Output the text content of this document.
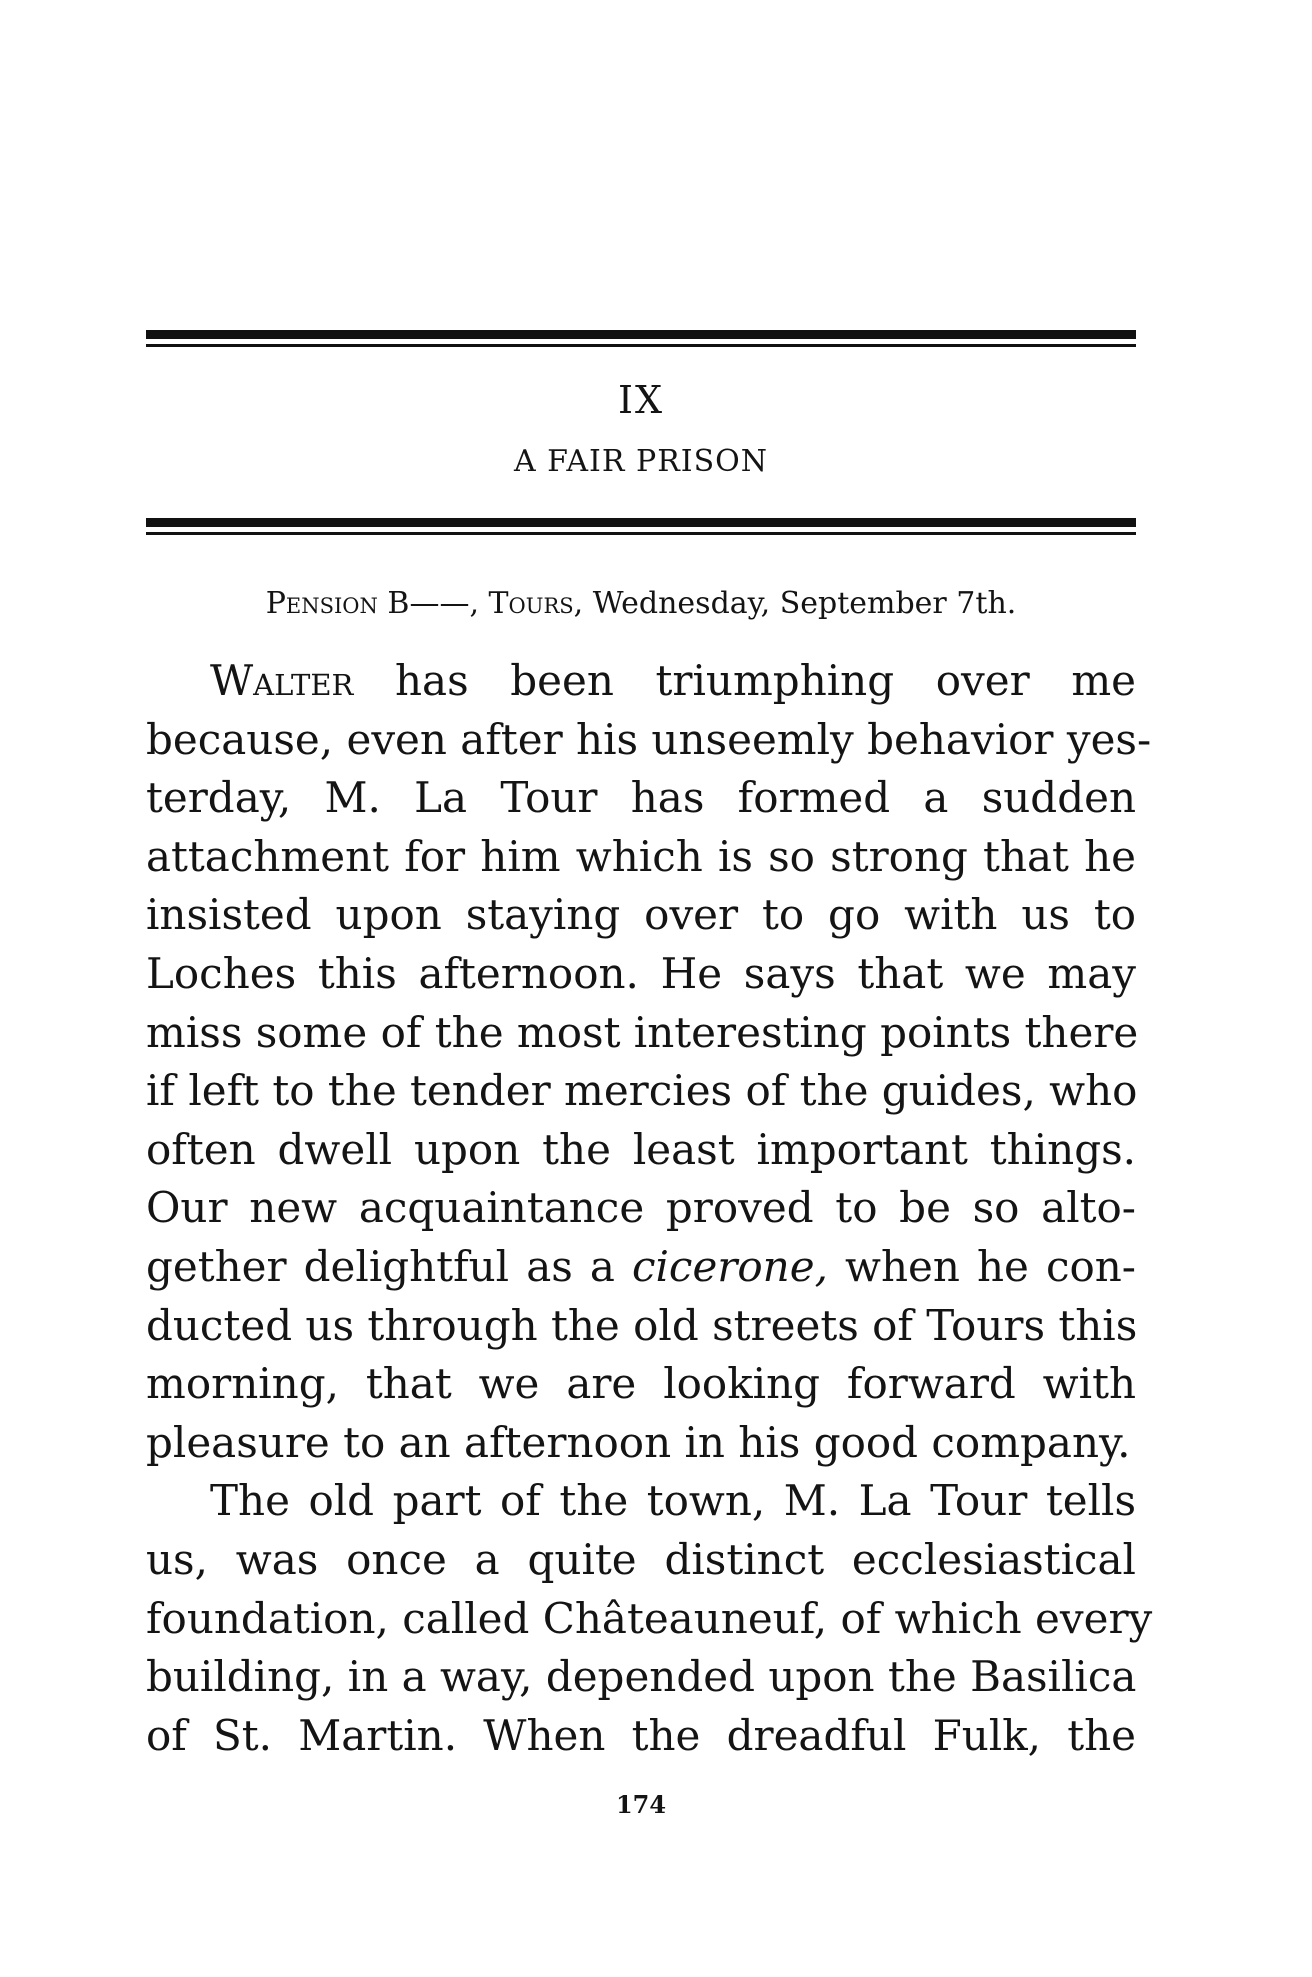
IX
A FAIR PRISON
Pension B——, Tours, Wednesday, September 7th.
Walter has been triumphing over me
because, even after his unseemly behavior yes-
terday, M. La Tour has formed a sudden
attachment for him which is so strong that he
insisted upon staying over to go with us to
Loches this afternoon. He says that we may
miss some of the most interesting points there
if left to the tender mercies of the guides, who
often dwell upon the least important things.
Our new acquaintance proved to be so alto-
gether delightful as a cicerone, when he con-
ducted us through the old streets of Tours this
morning, that we are looking forward with
pleasure to an afternoon in his good company.
The old part of the town, M. La Tour tells
us, was once a quite distinct ecclesiastical
foundation, called Châteauneuf, of which every
building, in a way, depended upon the Basilica
of St. Martin. When the dreadful Fulk, the
174
